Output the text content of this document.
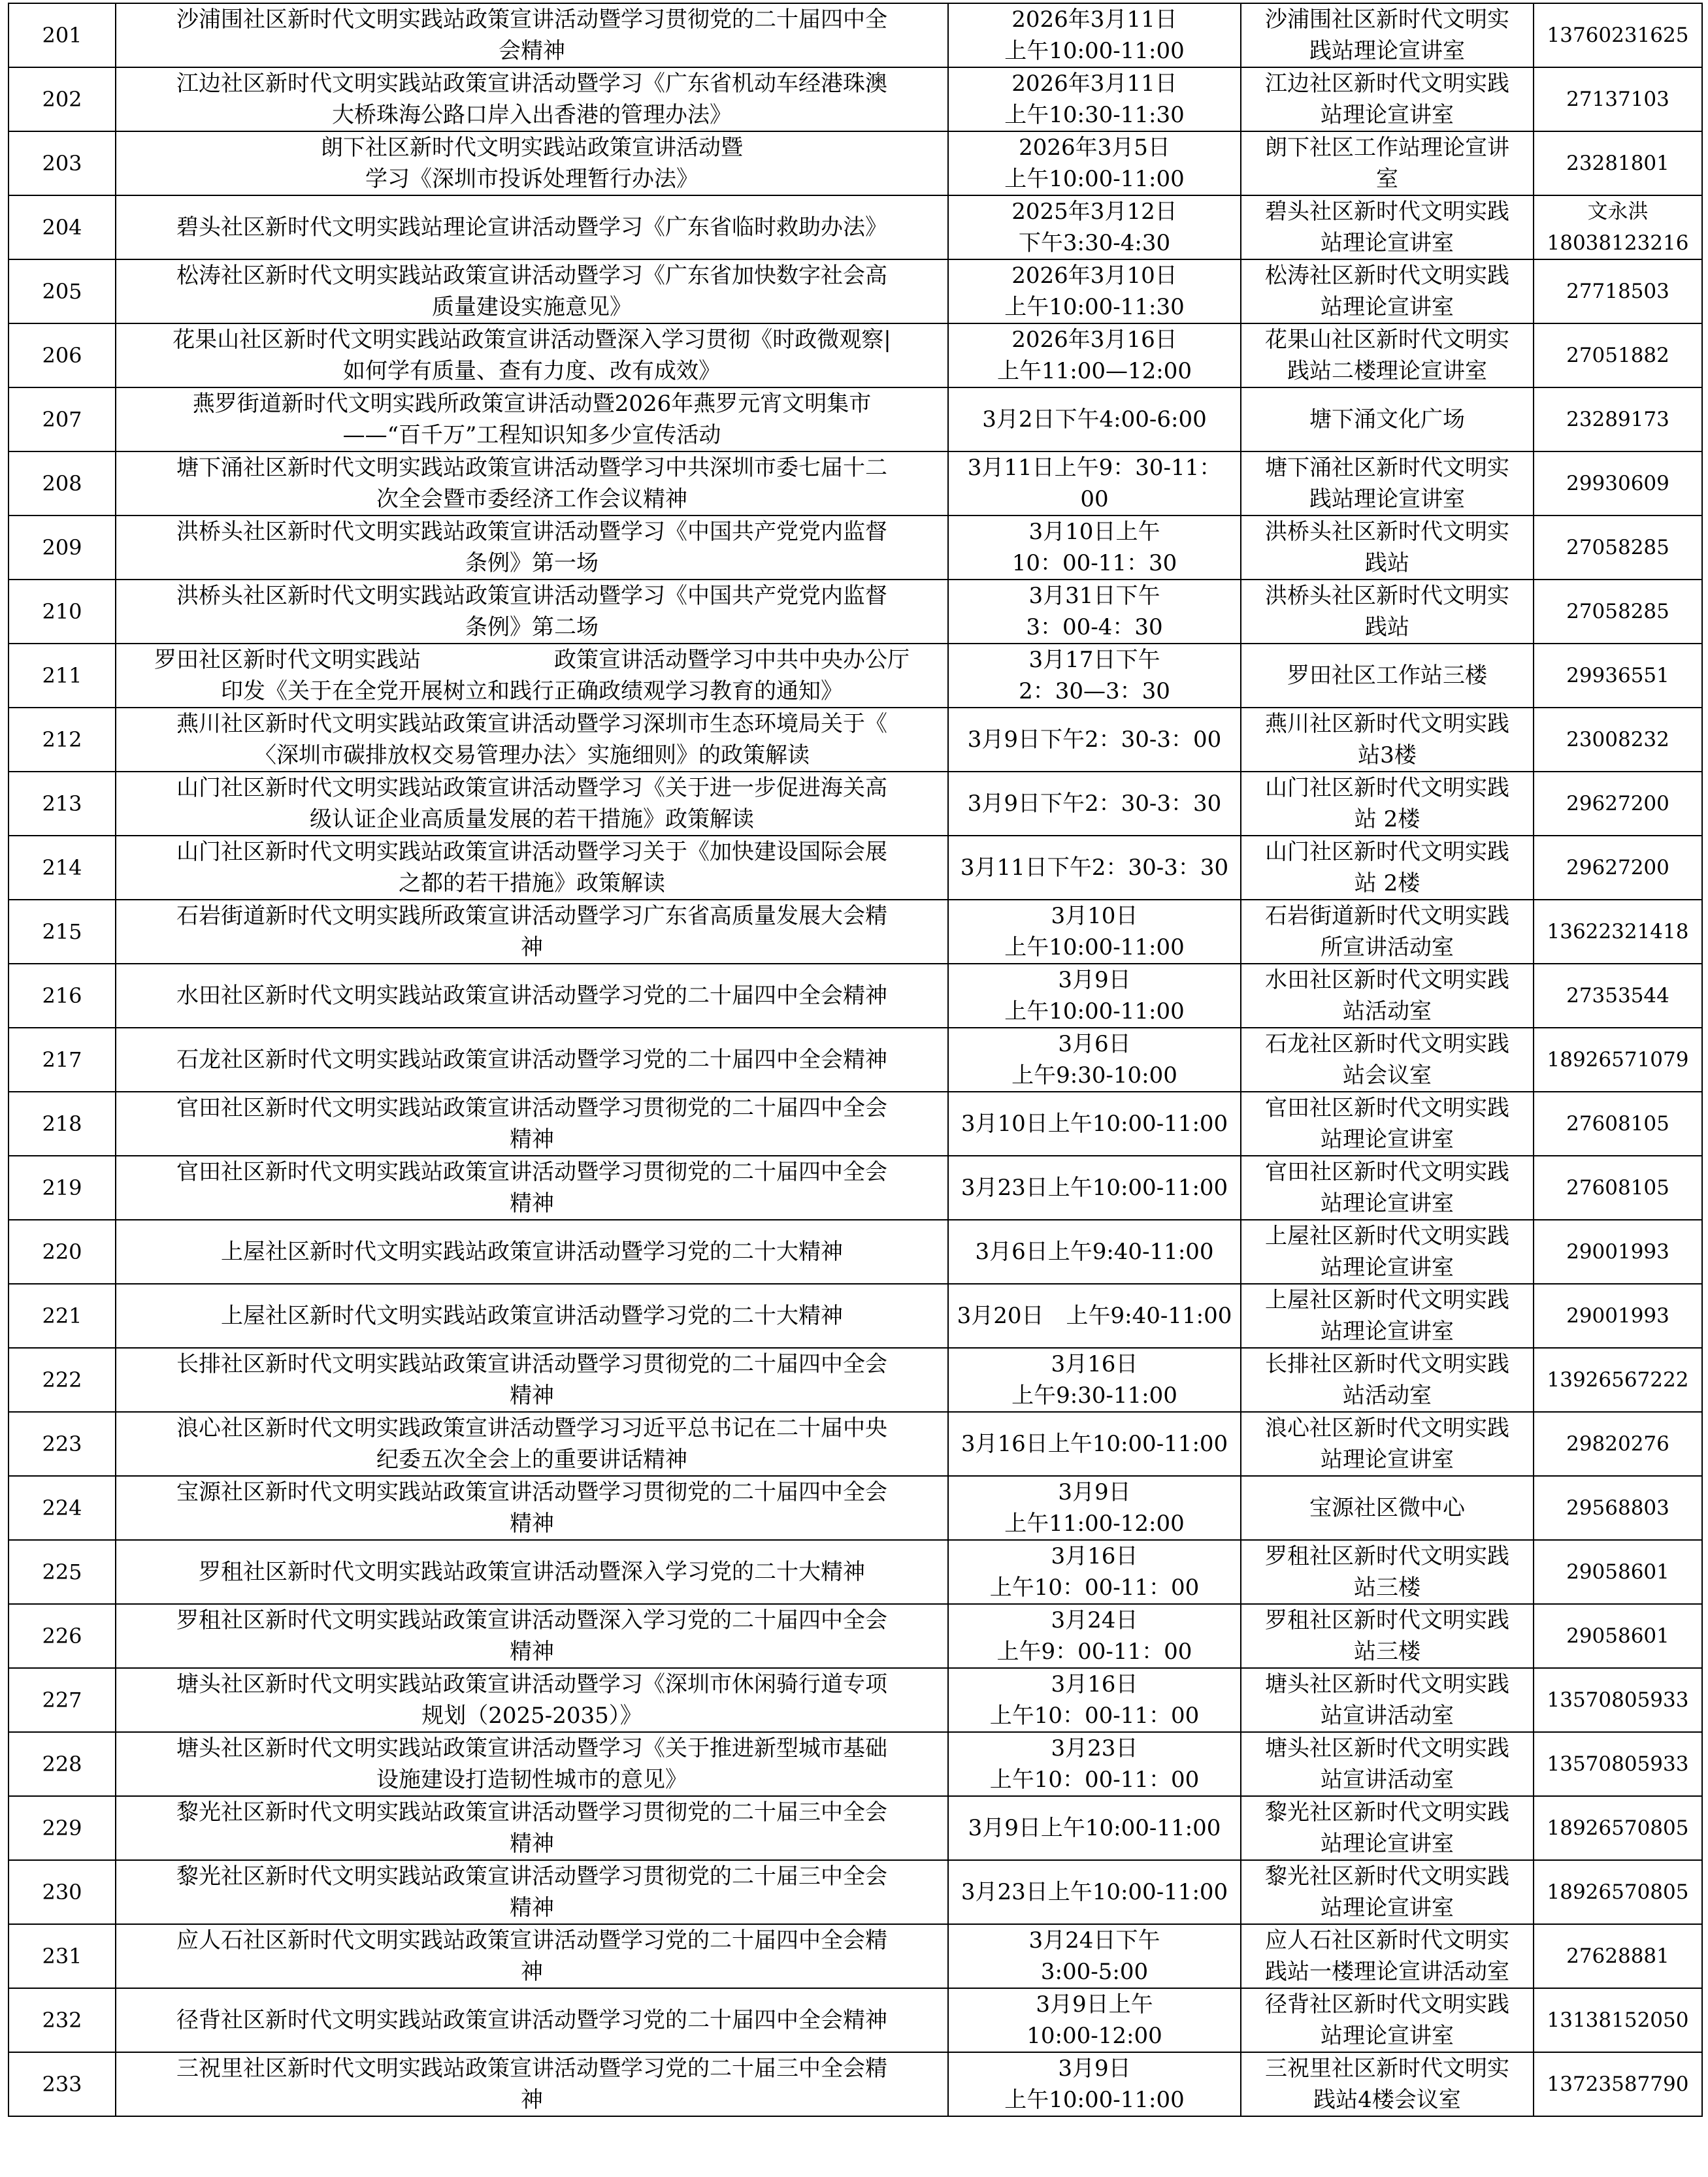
201	沙浦围社区新时代文明实践站政策宣讲活动暨学习贯彻党的二十届四中全
会精神	2026年3月11日
上午10:00-11:00	沙浦围社区新时代文明实
践站理论宣讲室	13760231625

202	江边社区新时代文明实践站政策宣讲活动暨学习《广东省机动车经港珠澳
大桥珠海公路口岸入出香港的管理办法》	2026年3月11日
上午10:30-11:30	江边社区新时代文明实践
站理论宣讲室	27137103

203	朗下社区新时代文明实践站政策宣讲活动暨
学习《深圳市投诉处理暂行办法》	2026年3月5日
上午10:00-11:00	朗下社区工作站理论宣讲
室	23281801

204	碧头社区新时代文明实践站理论宣讲活动暨学习《广东省临时救助办法》	2025年3月12日
下午3:30-4:30	碧头社区新时代文明实践
站理论宣讲室	文永洪
18038123216

205	松涛社区新时代文明实践站政策宣讲活动暨学习《广东省加快数字社会高
质量建设实施意见》	2026年3月10日
上午10:00-11:30	松涛社区新时代文明实践
站理论宣讲室	27718503

206	花果山社区新时代文明实践站政策宣讲活动暨深入学习贯彻《时政微观察|
如何学有质量、查有力度、改有成效》	2026年3月16日
上午11:00—12:00	花果山社区新时代文明实
践站二楼理论宣讲室	27051882

207	燕罗街道新时代文明实践所政策宣讲活动暨2026年燕罗元宵文明集市
——“百千万”工程知识知多少宣传活动	3月2日下午4:00-6:00	塘下涌文化广场	23289173

208	塘下涌社区新时代文明实践站政策宣讲活动暨学习中共深圳市委七届十二
次全会暨市委经济工作会议精神	3月11日上午9：30-11：
00	塘下涌社区新时代文明实
践站理论宣讲室	29930609

209	洪桥头社区新时代文明实践站政策宣讲活动暨学习《中国共产党党内监督
条例》第一场	3月10日上午
10：00-11：30	洪桥头社区新时代文明实
践站	27058285

210	洪桥头社区新时代文明实践站政策宣讲活动暨学习《中国共产党党内监督
条例》第二场	3月31日下午
3：00-4：30	洪桥头社区新时代文明实
践站	27058285

211	罗田社区新时代文明实践站　　　　　　政策宣讲活动暨学习中共中央办公厅
印发《关于在全党开展树立和践行正确政绩观学习教育的通知》	3月17日下午
2：30—3：30	罗田社区工作站三楼	29936551

212	燕川社区新时代文明实践站政策宣讲活动暨学习深圳市生态环境局关于《
〈深圳市碳排放权交易管理办法〉实施细则》的政策解读	3月9日下午2：30-3：00	燕川社区新时代文明实践
站3楼	23008232

213	山门社区新时代文明实践站政策宣讲活动暨学习《关于进一步促进海关高
级认证企业高质量发展的若干措施》政策解读	3月9日下午2：30-3：30	山门社区新时代文明实践
站 2楼	29627200

214	山门社区新时代文明实践站政策宣讲活动暨学习关于《加快建设国际会展
之都的若干措施》政策解读	3月11日下午2：30-3：30	山门社区新时代文明实践
站 2楼	29627200

215	石岩街道新时代文明实践所政策宣讲活动暨学习广东省高质量发展大会精
神	3月10日
上午10:00-11:00	石岩街道新时代文明实践
所宣讲活动室	13622321418

216	水田社区新时代文明实践站政策宣讲活动暨学习党的二十届四中全会精神	3月9日
上午10:00-11:00	水田社区新时代文明实践
站活动室	27353544

217	石龙社区新时代文明实践站政策宣讲活动暨学习党的二十届四中全会精神	3月6日
上午9:30-10:00	石龙社区新时代文明实践
站会议室	18926571079

218	官田社区新时代文明实践站政策宣讲活动暨学习贯彻党的二十届四中全会
精神	3月10日上午10:00-11:00	官田社区新时代文明实践
站理论宣讲室	27608105

219	官田社区新时代文明实践站政策宣讲活动暨学习贯彻党的二十届四中全会
精神	3月23日上午10:00-11:00	官田社区新时代文明实践
站理论宣讲室	27608105

220	上屋社区新时代文明实践站政策宣讲活动暨学习党的二十大精神	3月6日上午9:40-11:00	上屋社区新时代文明实践
站理论宣讲室	29001993

221	上屋社区新时代文明实践站政策宣讲活动暨学习党的二十大精神	3月20日　上午9:40-11:00	上屋社区新时代文明实践
站理论宣讲室	29001993

222	长排社区新时代文明实践站政策宣讲活动暨学习贯彻党的二十届四中全会
精神	3月16日
上午9:30-11:00	长排社区新时代文明实践
站活动室	13926567222

223	浪心社区新时代文明实践政策宣讲活动暨学习习近平总书记在二十届中央
纪委五次全会上的重要讲话精神	3月16日上午10:00-11:00	浪心社区新时代文明实践
站理论宣讲室	29820276

224	宝源社区新时代文明实践站政策宣讲活动暨学习贯彻党的二十届四中全会
精神	3月9日
上午11:00-12:00	宝源社区微中心	29568803

225	罗租社区新时代文明实践站政策宣讲活动暨深入学习党的二十大精神	3月16日
上午10：00-11：00	罗租社区新时代文明实践
站三楼	29058601

226	罗租社区新时代文明实践站政策宣讲活动暨深入学习党的二十届四中全会
精神	3月24日
上午9：00-11：00	罗租社区新时代文明实践
站三楼	29058601

227	塘头社区新时代文明实践站政策宣讲活动暨学习《深圳市休闲骑行道专项
规划（2025-2035）》	3月16日
上午10：00-11：00	塘头社区新时代文明实践
站宣讲活动室	13570805933

228	塘头社区新时代文明实践站政策宣讲活动暨学习《关于推进新型城市基础
设施建设打造韧性城市的意见》	3月23日
上午10：00-11：00	塘头社区新时代文明实践
站宣讲活动室	13570805933

229	黎光社区新时代文明实践站政策宣讲活动暨学习贯彻党的二十届三中全会
精神	3月9日上午10:00-11:00	黎光社区新时代文明实践
站理论宣讲室	18926570805

230	黎光社区新时代文明实践站政策宣讲活动暨学习贯彻党的二十届三中全会
精神	3月23日上午10:00-11:00	黎光社区新时代文明实践
站理论宣讲室	18926570805

231	应人石社区新时代文明实践站政策宣讲活动暨学习党的二十届四中全会精
神	3月24日下午
3:00-5:00	应人石社区新时代文明实
践站一楼理论宣讲活动室	27628881

232	径背社区新时代文明实践站政策宣讲活动暨学习党的二十届四中全会精神	3月9日上午
10:00-12:00	径背社区新时代文明实践
站理论宣讲室	13138152050

233	三祝里社区新时代文明实践站政策宣讲活动暨学习党的二十届三中全会精
神	3月9日
上午10:00-11:00	三祝里社区新时代文明实
践站4楼会议室	13723587790
